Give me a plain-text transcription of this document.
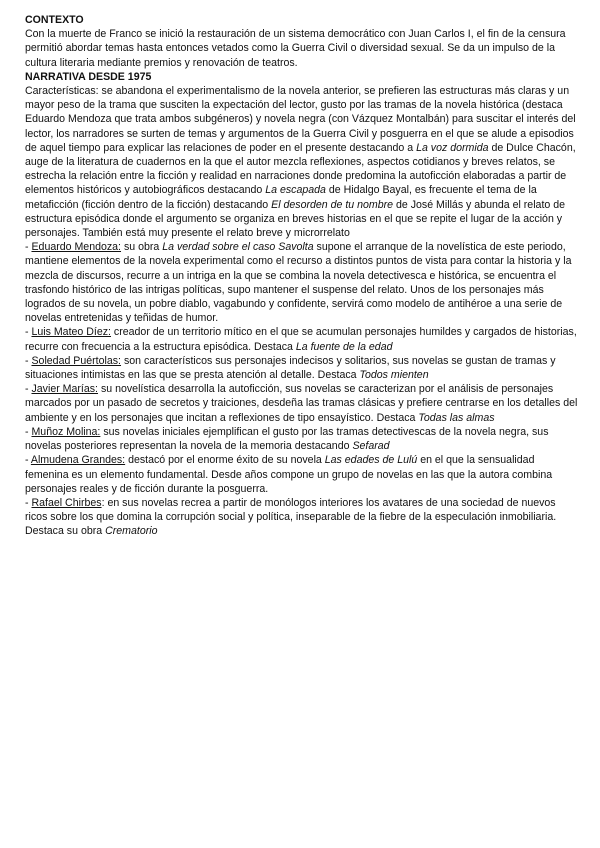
CONTEXTO

Con la muerte de Franco se inició la restauración de un sistema democrático con Juan Carlos I, el fin de la censura permitió abordar temas hasta entonces vetados como la Guerra Civil o diversidad sexual. Se da un impulso de la cultura literaria mediante premios y renovación de teatros.

NARRATIVA DESDE 1975

Características: se abandona el experimentalismo de la novela anterior, se prefieren las estructuras más claras y un mayor peso de la trama que susciten la expectación del lector, gusto por las tramas de la novela histórica (destaca Eduardo Mendoza que trata ambos subgéneros) y novela negra (con Vázquez Montalbán) para suscitar el interés del lector, los narradores se surten de temas y argumentos de la Guerra Civil y posguerra en el que se alude a episodios de aquel tiempo para explicar las relaciones de poder en el presente destacando a La voz dormida de Dulce Chacón, auge de la literatura de cuadernos en la que el autor mezcla reflexiones, aspectos cotidianos y breves relatos, se estrecha la relación entre la ficción y realidad en narraciones donde predomina la autoficción elaboradas a partir de elementos históricos y autobiográficos destacando La escapada de Hidalgo Bayal, es frecuente el tema de la metaficción (ficción dentro de la ficción) destacando El desorden de tu nombre de José Millás y abunda el relato de estructura episódica donde el argumento se organiza en breves historias en el que se repite el lugar de la acción y personajes. También está muy presente el relato breve y microrrelato

- Eduardo Mendoza: su obra La verdad sobre el caso Savolta supone el arranque de la novelística de este periodo, mantiene elementos de la novela experimental como el recurso a distintos puntos de vista para contar la historia y la mezcla de discursos, recurre a un intriga en la que se combina la novela detectivesca e histórica, se encuentra el trasfondo histórico de las intrigas políticas, supo mantener el suspense del relato. Unos de los personajes más logrados de su novela, un pobre diablo, vagabundo y confidente, servirá como modelo de antihéroe a una serie de novelas entretenidas y teñidas de humor.

- Luis Mateo Díez: creador de un territorio mítico en el que se acumulan personajes humildes y cargados de historias, recurre con frecuencia a la estructura episódica. Destaca La fuente de la edad

- Soledad Puértolas: son característicos sus personajes indecisos y solitarios, sus novelas se gustan de tramas y situaciones intimistas en las que se presta atención al detalle. Destaca Todos mienten

- Javier Marías: su novelística desarrolla la autoficción, sus novelas se caracterizan por el análisis de personajes marcados por un pasado de secretos y traiciones, desdeña las tramas clásicas y prefiere centrarse en los detalles del ambiente y en los personajes que incitan a reflexiones de tipo ensayístico. Destaca Todas las almas

- Muñoz Molina: sus novelas iniciales ejemplifican el gusto por las tramas detectivescas de la novela negra, sus novelas posteriores representan la novela de la memoria destacando Sefarad

- Almudena Grandes: destacó por el enorme éxito de su novela Las edades de Lulú en el que la sensualidad femenina es un elemento fundamental. Desde años compone un grupo de novelas en las que la autora combina personajes reales y de ficción durante la posguerra.

- Rafael Chirbes: en sus novelas recrea a partir de monólogos interiores los avatares de una sociedad de nuevos ricos sobre los que domina la corrupción social y política, inseparable de la fiebre de la especulación inmobiliaria. Destaca su obra Crematorio
